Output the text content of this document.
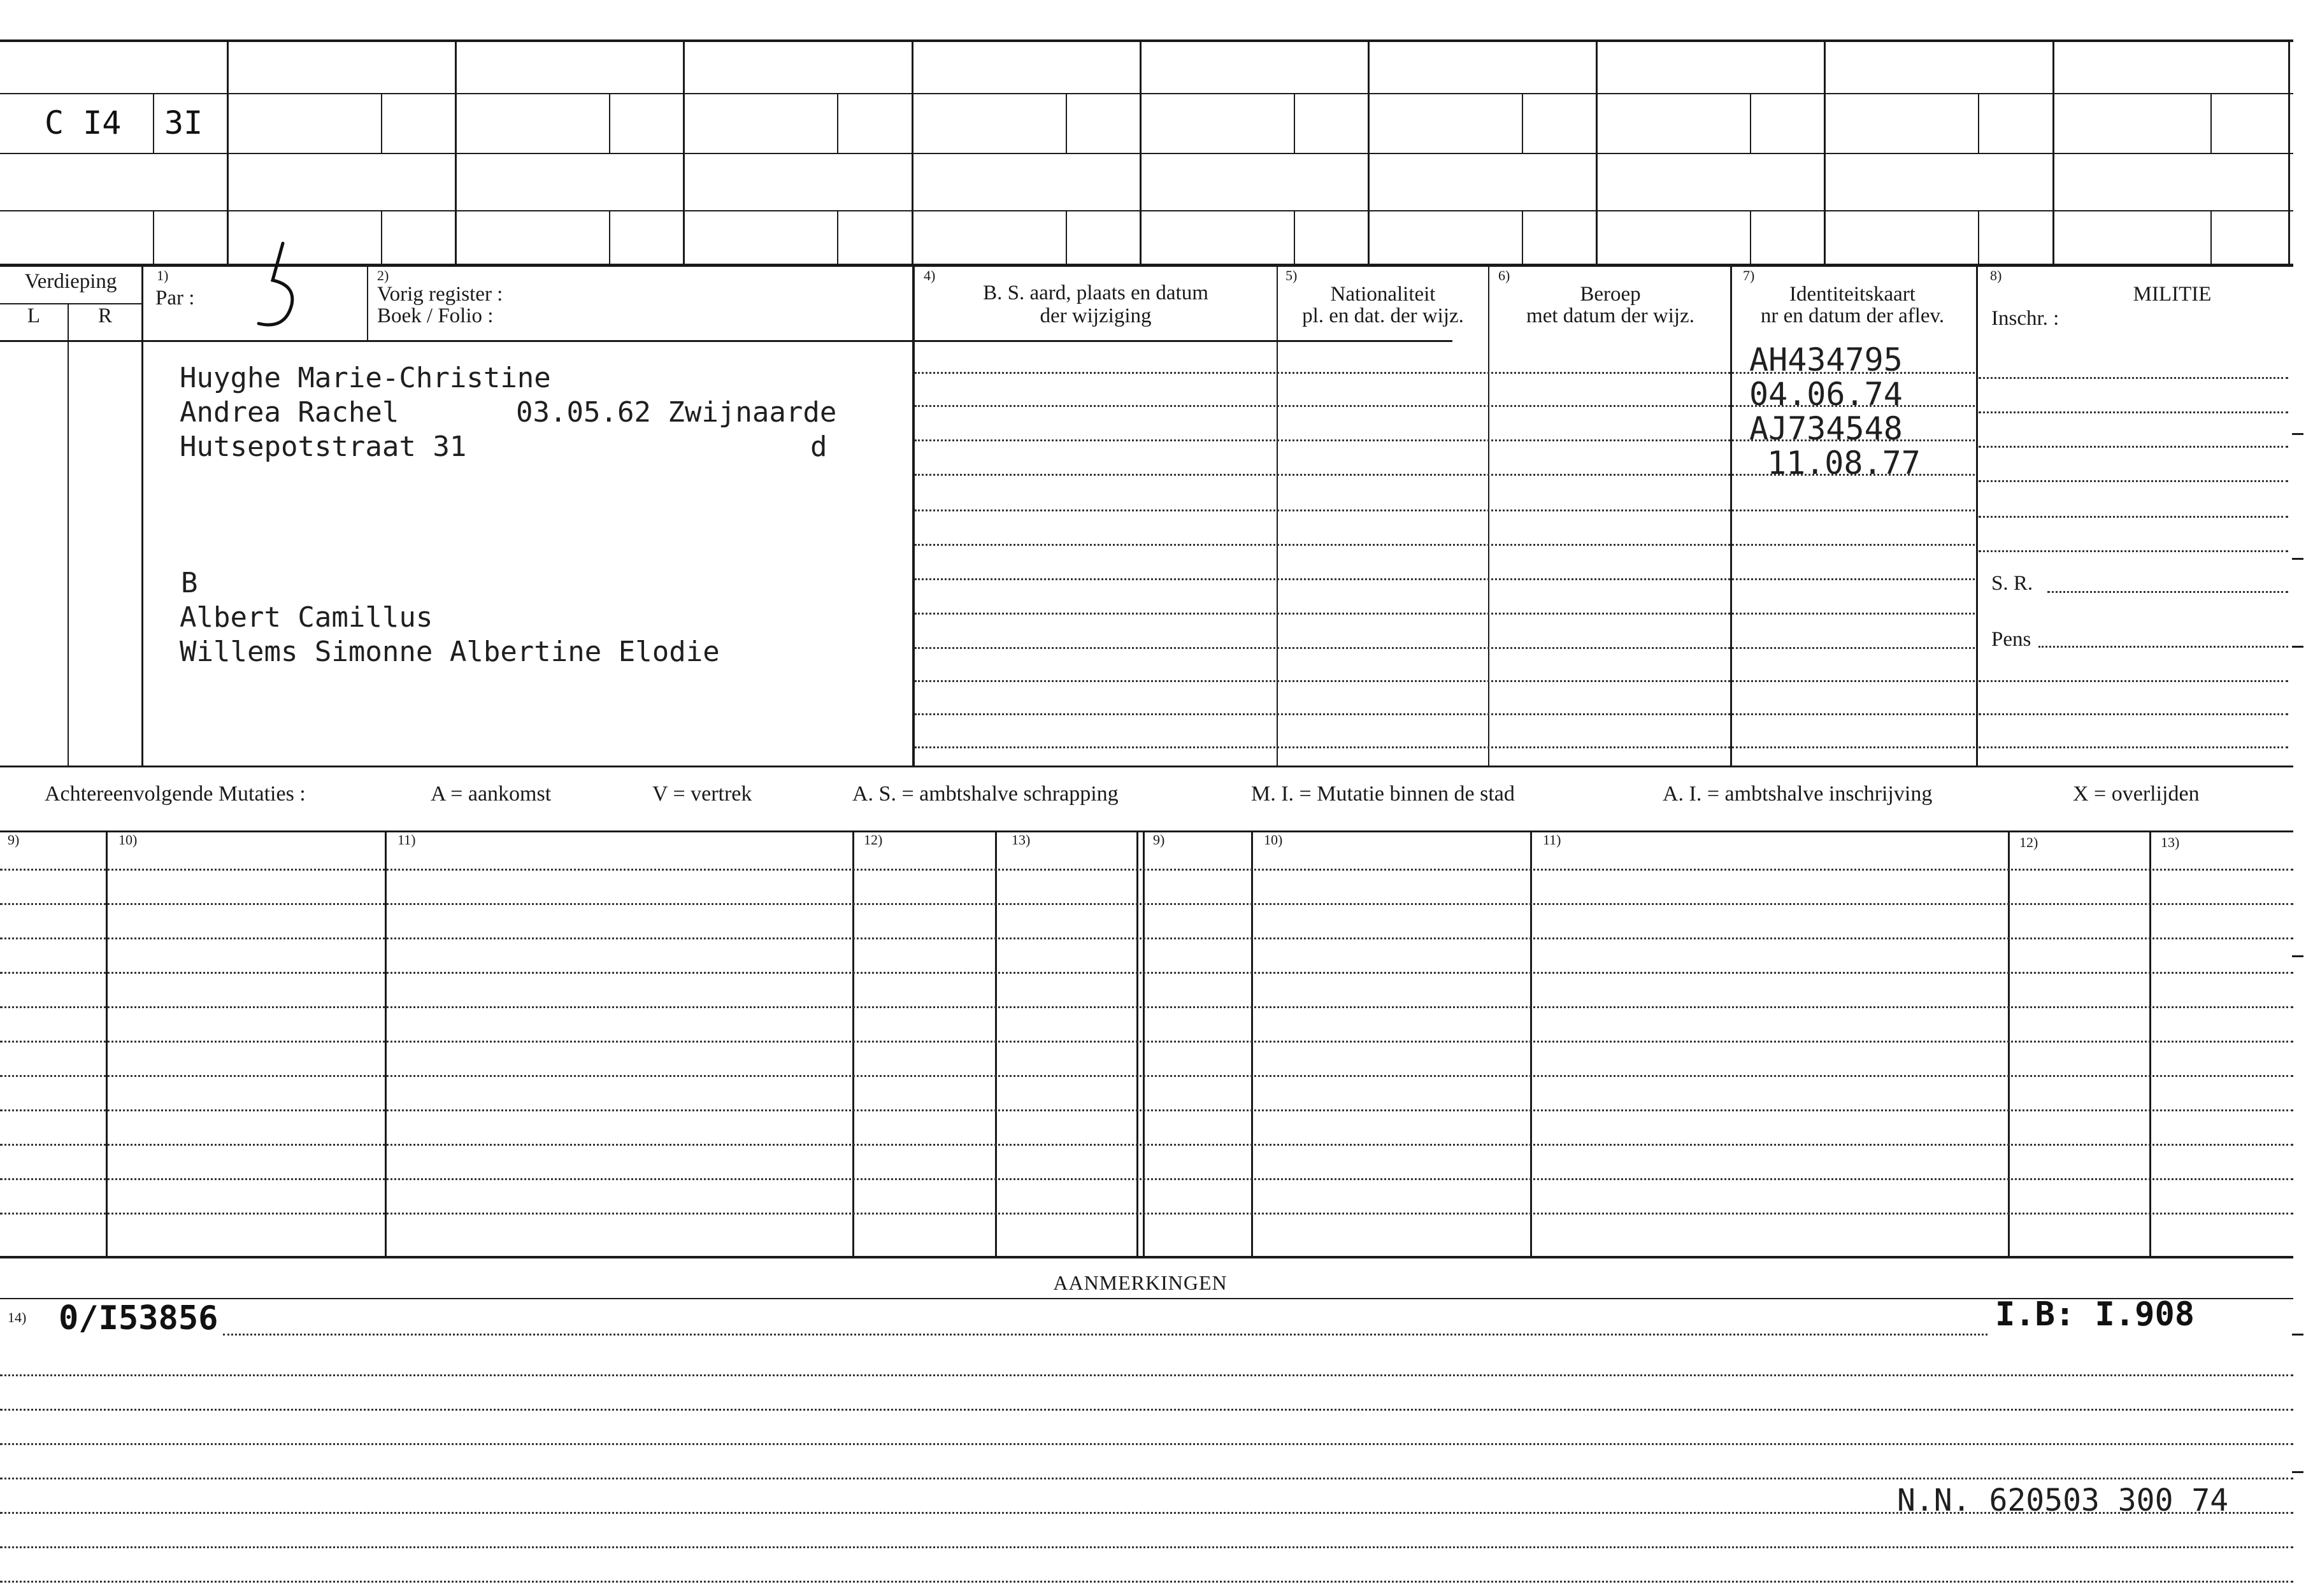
C I4 3I
Verdieping
L	R
1)
Par :
2)
Vorig register :
Boek / Folio :
4)
B. S. aard, plaats en datum
der wijziging
5)
Nationaliteit
pl. en dat. der wijz.
6)
Beroep
met datum der wijz.
7)
Identiteitskaart
nr en datum der aflev.
8)
MILITIE
Inschr. :
Huyghe Marie-Christine
Andrea Rachel	03.05.62 Zwijnaarde
Hutsepotstraat 31	d
B
Albert Camillus
Willems Simonne Albertine Elodie
AH434795
04.06.74
AJ734548
11.08.77
S. R.
Pens
Achtereenvolgende Mutaties :	A = aankomst	V = vertrek	A. S. = ambtshalve schrapping	M. I. = Mutatie binnen de stad	A. I. = ambtshalve inschrijving	X = overlijden
9)	10)	11)	12)	13)	9)	10)	11)	12)	13)
AANMERKINGEN
14) 0/I53856	I.B: I.908
N.N. 620503 300 74
